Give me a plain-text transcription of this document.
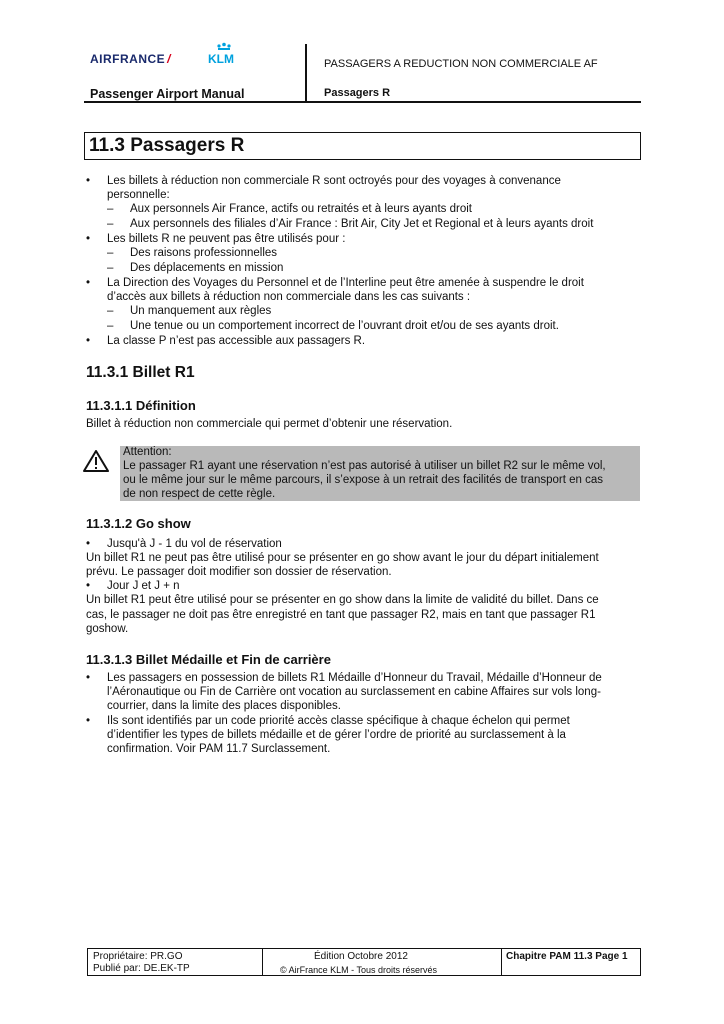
AIRFRANCE /	KLM
Passenger Airport Manual
PASSAGERS A REDUCTION NON COMMERCIALE AF
Passagers R
11.3 Passagers R
• Les billets à réduction non commerciale R sont octroyés pour des voyages à convenance
personnelle:
– Aux personnels Air France, actifs ou retraités et à leurs ayants droit
– Aux personnels des filiales d’Air France : Brit Air, City Jet et Regional et à leurs ayants droit
• Les billets R ne peuvent pas être utilisés pour :
– Des raisons professionnelles
– Des déplacements en mission
• La Direction des Voyages du Personnel et de l’Interline peut être amenée à suspendre le droit
d’accès aux billets à réduction non commerciale dans les cas suivants :
– Un manquement aux règles
– Une tenue ou un comportement incorrect de l’ouvrant droit et/ou de ses ayants droit.
• La classe P n’est pas accessible aux passagers R.
11.3.1 Billet R1
11.3.1.1 Définition
Billet à réduction non commerciale qui permet d’obtenir une réservation.
Attention:
Le passager R1 ayant une réservation n’est pas autorisé à utiliser un billet R2 sur le même vol,
ou le même jour sur le même parcours, il s’expose à un retrait des facilités de transport en cas
de non respect de cette règle.
11.3.1.2 Go show
• Jusqu'à J - 1 du vol de réservation
Un billet R1 ne peut pas être utilisé pour se présenter en go show avant le jour du départ initialement
prévu. Le passager doit modifier son dossier de réservation.
• Jour J et J + n
Un billet R1 peut être utilisé pour se présenter en go show dans la limite de validité du billet. Dans ce
cas, le passager ne doit pas être enregistré en tant que passager R2, mais en tant que passager R1
goshow.
11.3.1.3 Billet Médaille et Fin de carrière
• Les passagers en possession de billets R1 Médaille d’Honneur du Travail, Médaille d’Honneur de
l’Aéronautique ou Fin de Carrière ont vocation au surclassement en cabine Affaires sur vols long-
courrier, dans la limite des places disponibles.
• Ils sont identifiés par un code priorité accès classe spécifique à chaque échelon qui permet
d’identifier les types de billets médaille et de gérer l’ordre de priorité au surclassement à la
confirmation. Voir PAM 11.7 Surclassement.
Propriétaire: PR.GO
Publié par: DE.EK-TP
Édition Octobre 2012
© AirFrance KLM - Tous droits réservés
Chapitre PAM 11.3 Page 1
